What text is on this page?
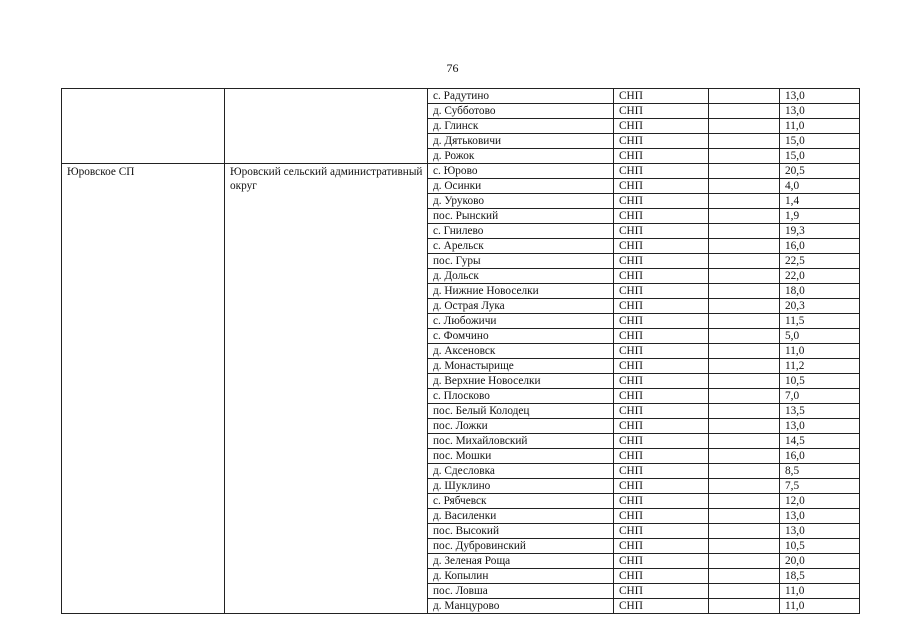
76
		с. Радутино	СНП		13,0
		д. Субботово	СНП		13,0
		д. Глинск	СНП		11,0
		д. Дятьковичи	СНП		15,0
		д. Рожок	СНП		15,0
Юровское СП	Юровский сельский административный округ	с. Юрово	СНП		20,5
		д. Осинки	СНП		4,0
		д. Уруково	СНП		1,4
		пос. Рынский	СНП		1,9
		с. Гнилево	СНП		19,3
		с. Арельск	СНП		16,0
		пос. Гуры	СНП		22,5
		д. Дольск	СНП		22,0
		д. Нижние Новоселки	СНП		18,0
		д. Острая Лука	СНП		20,3
		с. Любожичи	СНП		11,5
		с. Фомчино	СНП		5,0
		д. Аксеновск	СНП		11,0
		д. Монастырище	СНП		11,2
		д. Верхние Новоселки	СНП		10,5
		с. Плосково	СНП		7,0
		пос. Белый Колодец	СНП		13,5
		пос. Ложки	СНП		13,0
		пос. Михайловский	СНП		14,5
		пос. Мошки	СНП		16,0
		д. Сдесловка	СНП		8,5
		д. Шуклино	СНП		7,5
		с. Рябчевск	СНП		12,0
		д. Василенки	СНП		13,0
		пос. Высокий	СНП		13,0
		пос. Дубровинский	СНП		10,5
		д. Зеленая Роща	СНП		20,0
		д. Копылин	СНП		18,5
		пос. Ловша	СНП		11,0
		д. Манцурово	СНП		11,0
